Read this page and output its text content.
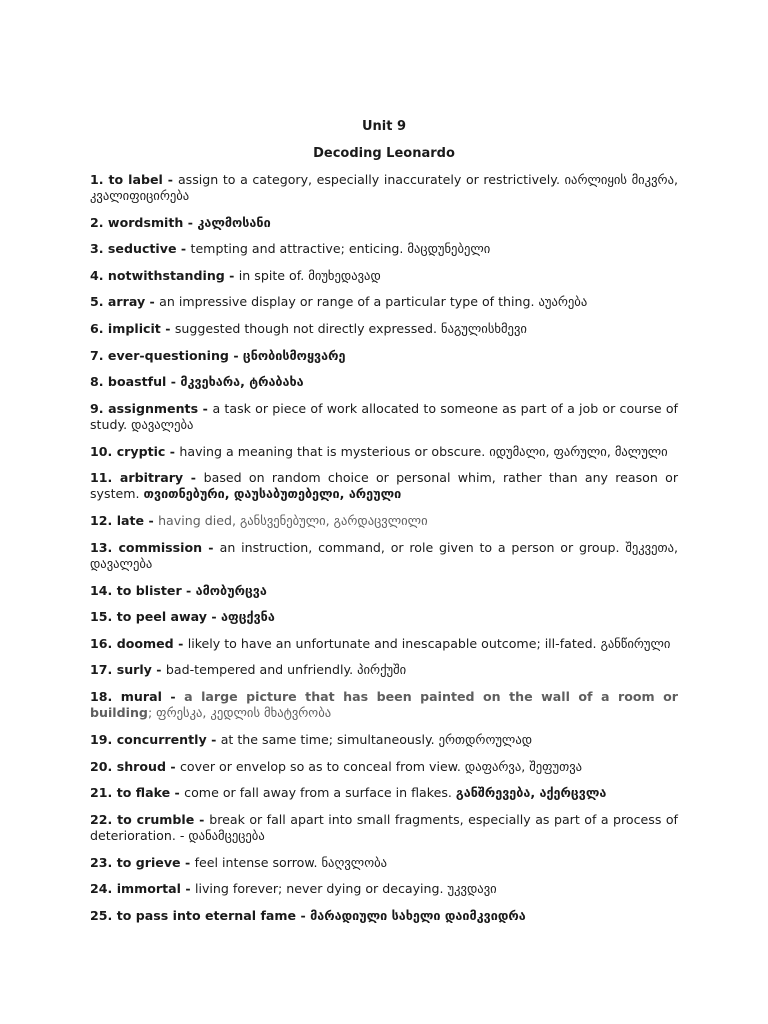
Unit 9
Decoding Leonardo
1. to label - assign to a category, especially inaccurately or restrictively. იარლიყის მიკვრა, კვალიფიცირება
2. wordsmith - კალმოსანი
3. seductive - tempting and attractive; enticing. მაცდუნებელი
4. notwithstanding - in spite of. მიუხედავად
5. array - an impressive display or range of a particular type of thing. აუარება
6. implicit - suggested though not directly expressed. ნაგულისხმევი
7. ever-questioning - ცნობისმოყვარე
8. boastful - მკვეხარა, ტრაბახა
9. assignments - a task or piece of work allocated to someone as part of a job or course of study. დავალება
10. cryptic - having a meaning that is mysterious or obscure. იდუმალი, ფარული, მალული
11. arbitrary - based on random choice or personal whim, rather than any reason or system. თვითნებური, დაუსაბუთებელი, არეული
12. late - having died, განსვენებული, გარდაცვლილი
13. commission - an instruction, command, or role given to a person or group. შეკვეთა, დავალება
14. to blister - ამობურცვა
15. to peel away - აფცქვნა
16. doomed - likely to have an unfortunate and inescapable outcome; ill-fated. განწირული
17. surly - bad-tempered and unfriendly. პირქუში
18. mural - a large picture that has been painted on the wall of a room or building; ფრესკა, კედლის მხატვრობა
19. concurrently - at the same time; simultaneously. ერთდროულად
20. shroud - cover or envelop so as to conceal from view. დაფარვა, შეფუთვა
21. to flake - come or fall away from a surface in flakes. განშრევება, აქერცვლა
22. to crumble - break or fall apart into small fragments, especially as part of a process of deterioration. - დანამცეცება
23. to grieve - feel intense sorrow. ნაღვლობა
24. immortal - living forever; never dying or decaying. უკვდავი
25. to pass into eternal fame - მარადიული სახელი დაიმკვიდრა
